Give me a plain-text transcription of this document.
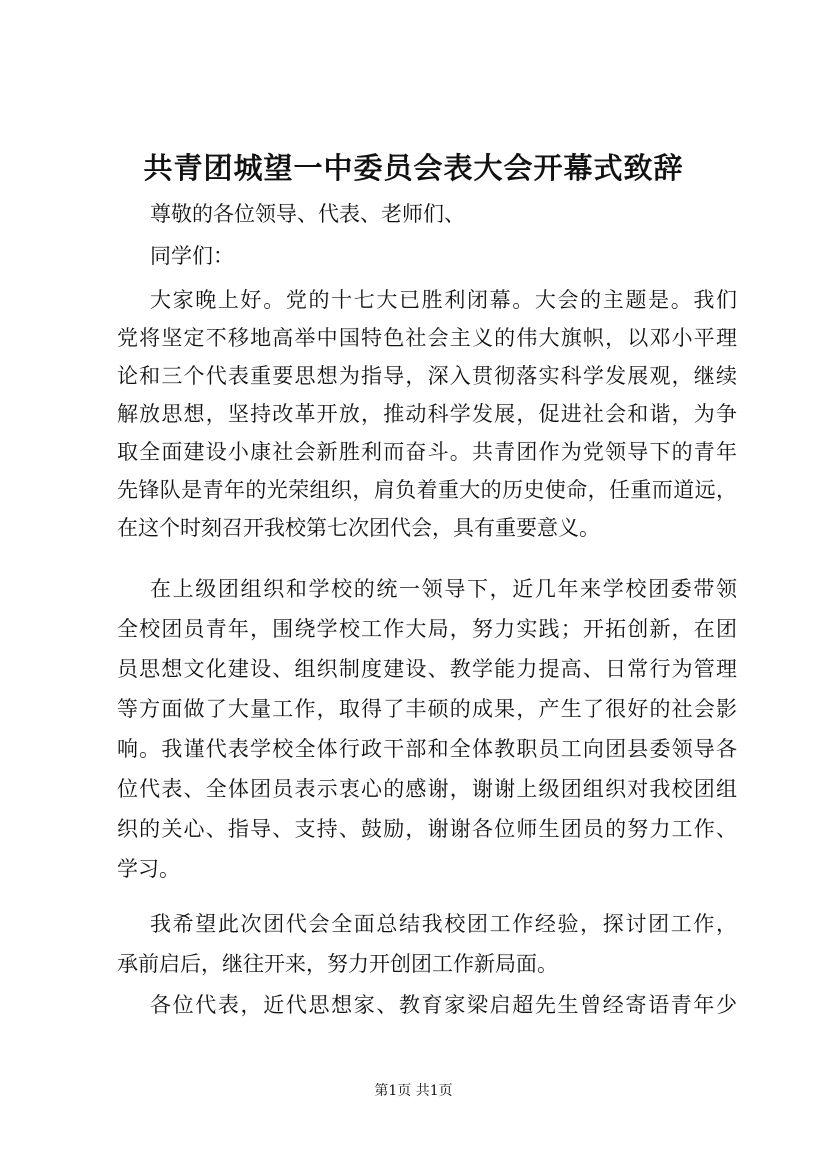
共青团城望一中委员会表大会开幕式致辞
尊敬的各位领导、代表、老师们、
同学们：
大家晚上好。党的十七大已胜利闭幕。大会的主题是。我们
党将坚定不移地高举中国特色社会主义的伟大旗帜，以邓小平理
论和三个代表重要思想为指导，深入贯彻落实科学发展观，继续
解放思想，坚持改革开放，推动科学发展，促进社会和谐，为争
取全面建设小康社会新胜利而奋斗。共青团作为党领导下的青年
先锋队是青年的光荣组织，肩负着重大的历史使命，任重而道远，
在这个时刻召开我校第七次团代会，具有重要意义。
在上级团组织和学校的统一领导下，近几年来学校团委带领
全校团员青年，围绕学校工作大局，努力实践；开拓创新，在团
员思想文化建设、组织制度建设、教学能力提高、日常行为管理
等方面做了大量工作，取得了丰硕的成果，产生了很好的社会影
响。我谨代表学校全体行政干部和全体教职员工向团县委领导各
位代表、全体团员表示衷心的感谢，谢谢上级团组织对我校团组
织的关心、指导、支持、鼓励，谢谢各位师生团员的努力工作、
学习。
我希望此次团代会全面总结我校团工作经验，探讨团工作，
承前启后，继往开来，努力开创团工作新局面。
各位代表，近代思想家、教育家梁启超先生曾经寄语青年少
第1页 共1页
